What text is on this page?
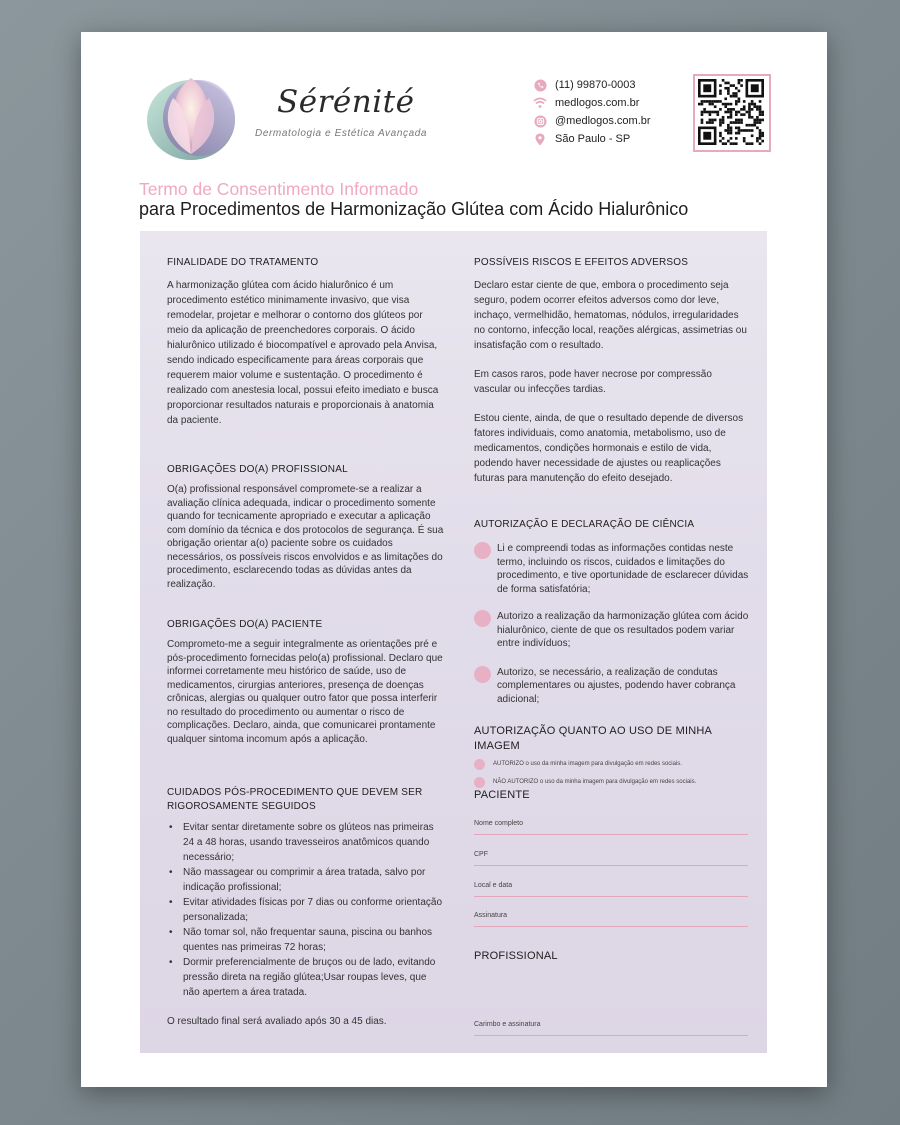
Sérénité
Dermatologia e Estética Avançada
(11) 99870-0003
medlogos.com.br
@medlogos.com.br
São Paulo - SP
Termo de Consentimento Informado
para Procedimentos de Harmonização Glútea com Ácido Hialurônico
FINALIDADE DO TRATAMENTO

A harmonização glútea com ácido hialurônico é um procedimento estético minimamente invasivo, que visa remodelar, projetar e melhorar o contorno dos glúteos por meio da aplicação de preenchedores corporais. O ácido hialurônico utilizado é biocompatível e aprovado pela Anvisa, sendo indicado especificamente para áreas corporais que requerem maior volume e sustentação. O procedimento é realizado com anestesia local, possui efeito imediato e busca proporcionar resultados naturais e proporcionais à anatomia da paciente.

OBRIGAÇÕES DO(A) PROFISSIONAL

O(a) profissional responsável compromete-se a realizar a avaliação clínica adequada, indicar o procedimento somente quando for tecnicamente apropriado e executar a aplicação com domínio da técnica e dos protocolos de segurança. É sua obrigação orientar a(o) paciente sobre os cuidados necessários, os possíveis riscos envolvidos e as limitações do procedimento, esclarecendo todas as dúvidas antes da realização.

OBRIGAÇÕES DO(A) PACIENTE

Comprometo-me a seguir integralmente as orientações pré e pós-procedimento fornecidas pelo(a) profissional. Declaro que informei corretamente meu histórico de saúde, uso de medicamentos, cirurgias anteriores, presença de doenças crônicas, alergias ou qualquer outro fator que possa interferir no resultado do procedimento ou aumentar o risco de complicações. Declaro, ainda, que comunicarei prontamente qualquer sintoma incomum após a aplicação.

CUIDADOS PÓS-PROCEDIMENTO QUE DEVEM SER RIGOROSAMENTE SEGUIDOS
• Evitar sentar diretamente sobre os glúteos nas primeiras 24 a 48 horas, usando travesseiros anatômicos quando necessário;
• Não massagear ou comprimir a área tratada, salvo por indicação profissional;
• Evitar atividades físicas por 7 dias ou conforme orientação personalizada;
• Não tomar sol, não frequentar sauna, piscina ou banhos quentes nas primeiras 72 horas;
• Dormir preferencialmente de bruços ou de lado, evitando pressão direta na região glútea;Usar roupas leves, que não apertem a área tratada.

O resultado final será avaliado após 30 a 45 dias.

POSSÍVEIS RISCOS E EFEITOS ADVERSOS

Declaro estar ciente de que, embora o procedimento seja seguro, podem ocorrer efeitos adversos como dor leve, inchaço, vermelhidão, hematomas, nódulos, irregularidades no contorno, infecção local, reações alérgicas, assimetrias ou insatisfação com o resultado.

Em casos raros, pode haver necrose por compressão vascular ou infecções tardias.

Estou ciente, ainda, de que o resultado depende de diversos fatores individuais, como anatomia, metabolismo, uso de medicamentos, condições hormonais e estilo de vida, podendo haver necessidade de ajustes ou reaplicações futuras para manutenção do efeito desejado.

AUTORIZAÇÃO E DECLARAÇÃO DE CIÊNCIA
Li e compreendi todas as informações contidas neste termo, incluindo os riscos, cuidados e limitações do procedimento, e tive oportunidade de esclarecer dúvidas de forma satisfatória;
Autorizo a realização da harmonização glútea com ácido hialurônico, ciente de que os resultados podem variar entre indivíduos;
Autorizo, se necessário, a realização de condutas complementares ou ajustes, podendo haver cobrança adicional;
AUTORIZAÇÃO QUANTO AO USO DE MINHA IMAGEM
AUTORIZO o uso da minha imagem para divulgação em redes sociais.
NÃO AUTORIZO o uso da minha imagem para divulgação em redes sociais.
PACIENTE
Nome completo
CPF
Local e data
Assinatura
PROFISSIONAL
Carimbo e assinatura
